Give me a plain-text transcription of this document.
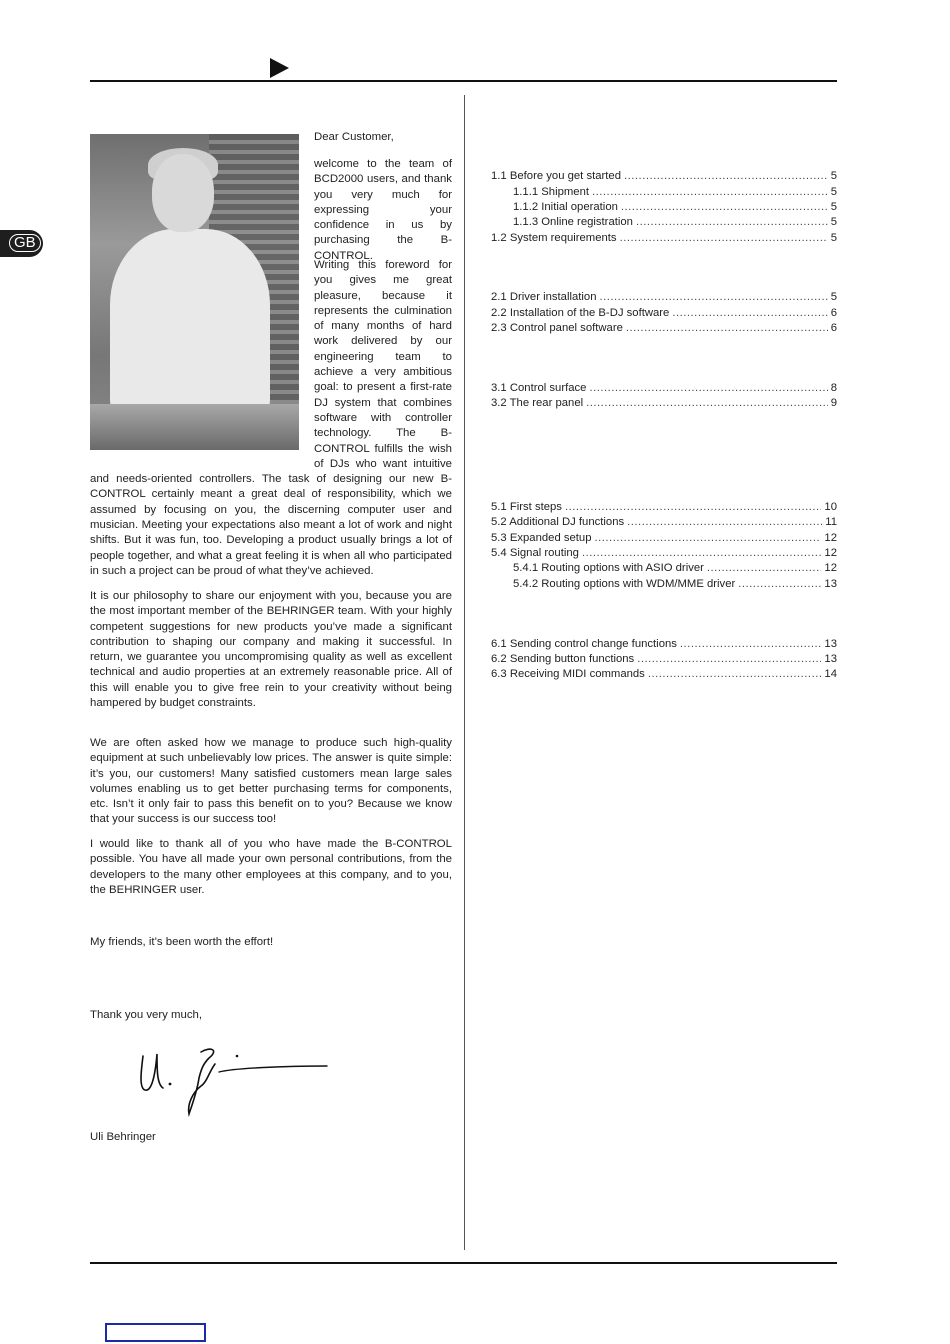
GB

Dear Customer,

welcome to the team of BCD2000 users, and thank you very much for expressing your confidence in us by purchasing the B-CONTROL.

Writing this foreword for you gives me great pleasure, because it represents the culmination of many months of hard work delivered by our engineering team to achieve a very ambitious goal: to present a first-rate DJ system that combines software with controller technology. The B-CONTROL fulfills the wish of DJs who want intuitive and needs-oriented controllers. The task of designing our new B-CONTROL certainly meant a great deal of responsibility, which we assumed by focusing on you, the discerning computer user and musician. Meeting your expectations also meant a lot of work and night shifts. But it was fun, too. Developing a product usually brings a lot of people together, and what a great feeling it is when all who participated in such a project can be proud of what they’ve achieved.

It is our philosophy to share our enjoyment with you, because you are the most important member of the BEHRINGER team. With your highly competent suggestions for new products you’ve made a significant contribution to shaping our company and making it successful. In return, we guarantee you uncompromising quality as well as excellent technical and audio properties at an extremely reasonable price. All of this will enable you to give free rein to your creativity without being hampered by budget constraints.

We are often asked how we manage to produce such high-quality equipment at such unbelievably low prices. The answer is quite simple: it’s you, our customers! Many satisfied customers mean large sales volumes enabling us to get better purchasing terms for components, etc. Isn’t it only fair to pass this benefit on to you? Because we know that your success is our success too!

I would like to thank all of you who have made the B-CONTROL possible. You have all made your own personal contributions, from the developers to the many other employees at this company, and to you, the BEHRINGER user.

My friends, it’s been worth the effort!

Thank you very much,

Uli Behringer

1.1 Before you get started .....	5
1.1.1 Shipment .....	5
1.1.2 Initial operation .....	5
1.1.3 Online registration .....	5
1.2 System requirements .....	5
2.1 Driver installation .....	5
2.2 Installation of the B-DJ software .....	6
2.3 Control panel software .....	6
3.1 Control surface .....	8
3.2 The rear panel .....	9
5.1 First steps .....	10
5.2 Additional DJ functions .....	11
5.3 Expanded setup .....	12
5.4 Signal routing .....	12
5.4.1 Routing options with ASIO driver .....	12
5.4.2 Routing options with WDM/MME driver .....	13
6.1 Sending control change functions .....	13
6.2 Sending button functions .....	13
6.3 Receiving MIDI commands .....	14
